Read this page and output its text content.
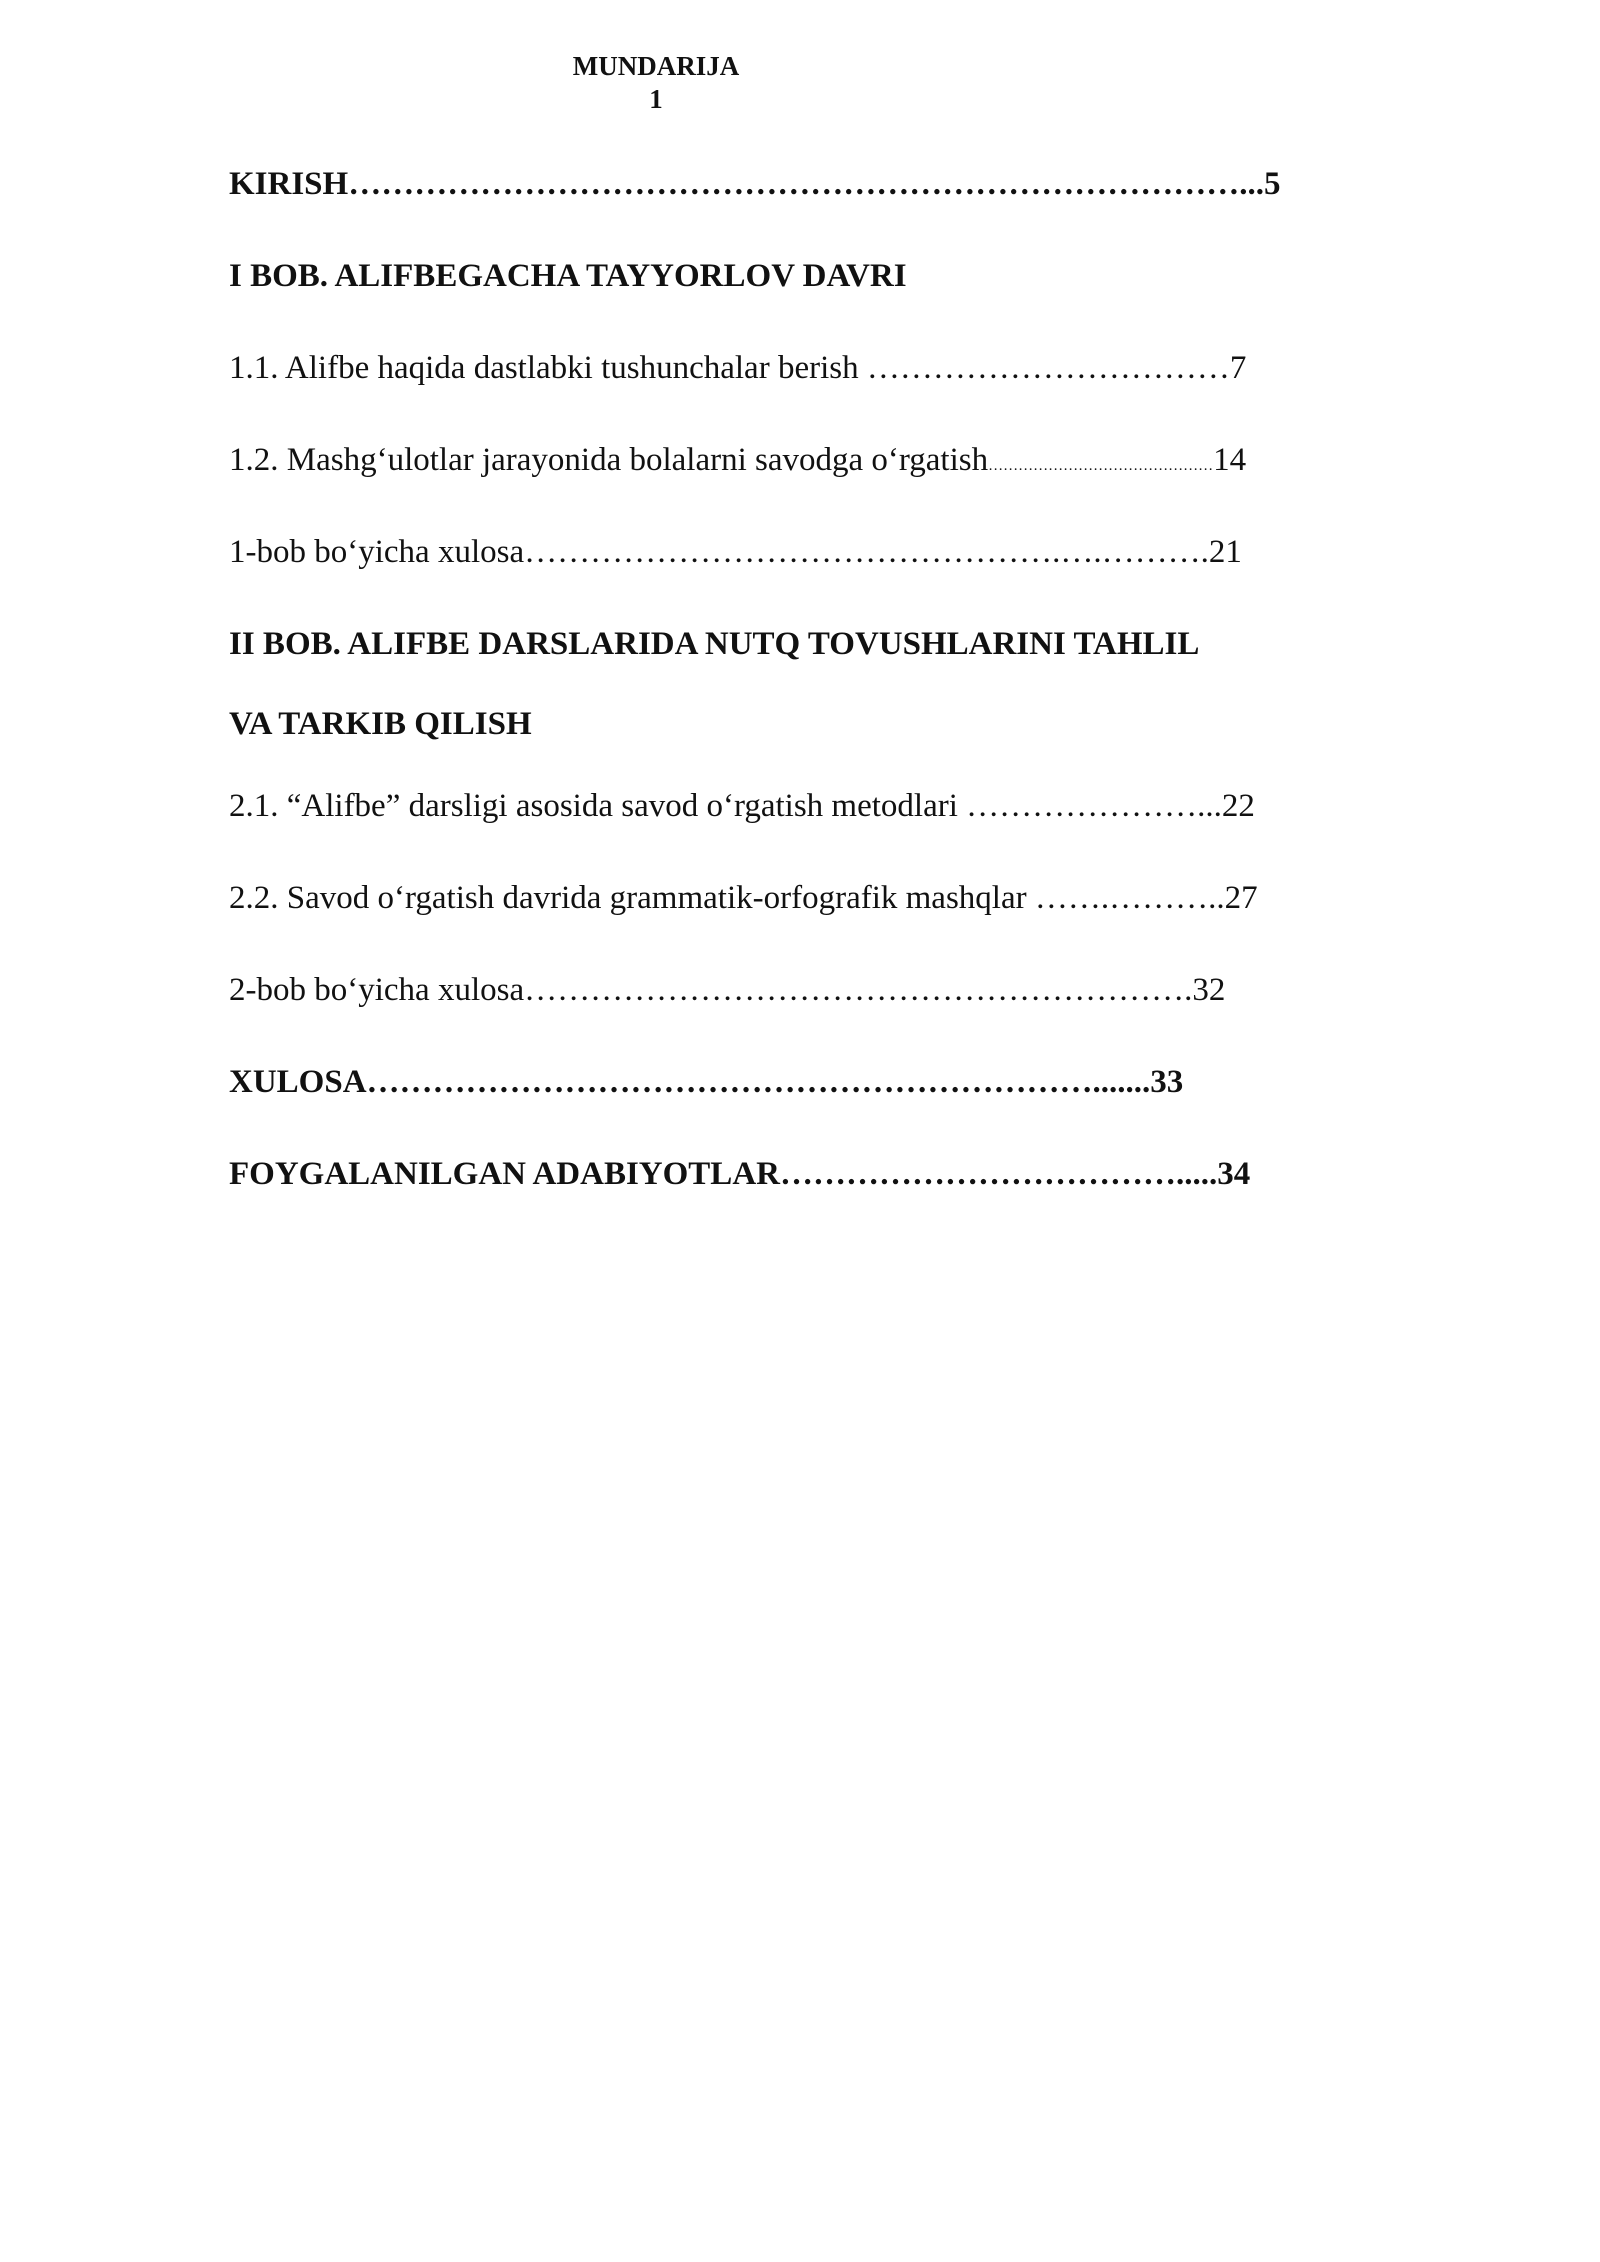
MUNDARIJA
1
KIRISH………………………………………………………………………...5
I BOB. ALIFBEGACHA TAYYORLOV DAVRI
1.1. Alifbe haqida dastlabki tushunchalar berish ……………………………7
1.2. Mashg‘ulotlar jarayonida bolalarni savodga o‘rgatish………………………………………14
1-bob bo‘yicha xulosa………………………………………….….……….21
II BOB. ALIFBE DARSLARIDA NUTQ TOVUSHLARINI TAHLIL
VA TARKIB QILISH
2.1. “Alifbe” darsligi asosida savod o‘rgatish metodlari …………………...22
2.2. Savod o‘rgatish davrida grammatik-orfografik mashqlar …….………..27
2-bob bo‘yicha xulosa…………………………………………………….32
XULOSA………………………………………………………….......33
FOYGALANILGAN ADABIYOTLAR……………………………….....34
